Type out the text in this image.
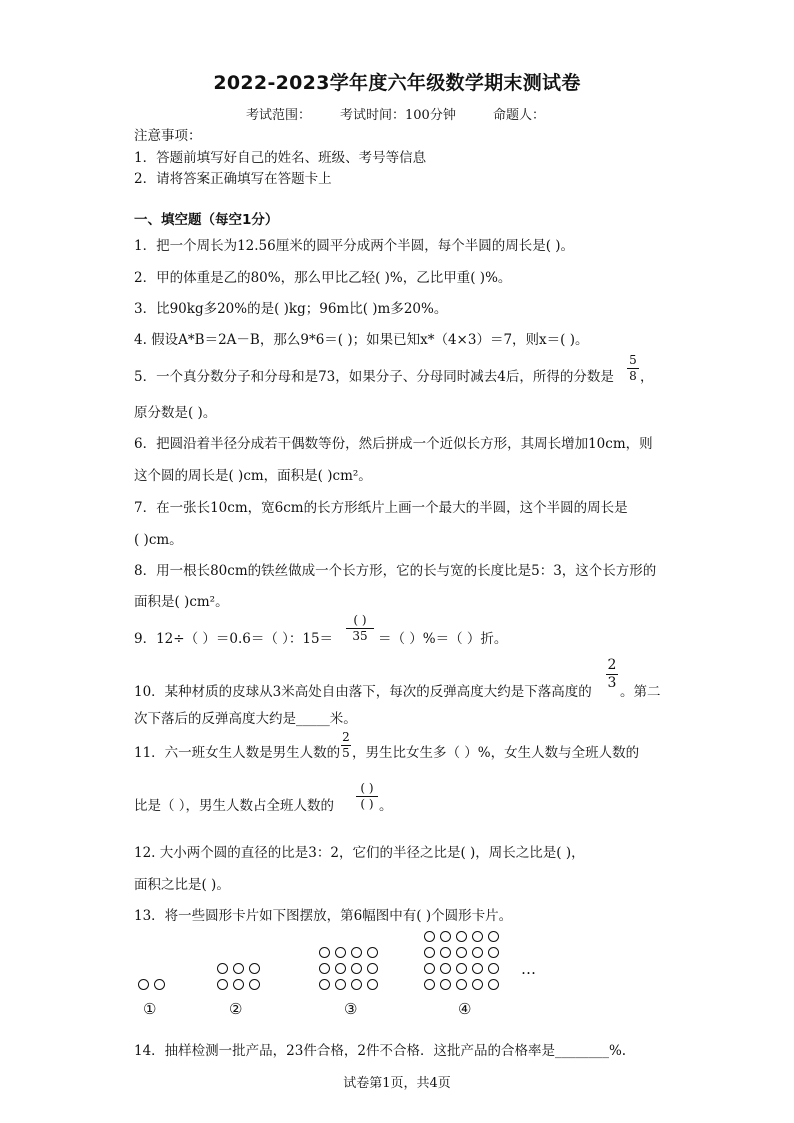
2022-2023学年度六年级数学期末测试卷
考试范围： 考试时间：100分钟	命题人：
注意事项：
1．答题前填写好自己的姓名、班级、考号等信息
2．请将答案正确填写在答题卡上
一、填空题（每空1分）
1．把一个周长为12.56厘米的圆平分成两个半圆，每个半圆的周长是( )。
2．甲的体重是乙的80%，那么甲比乙轻( )%，乙比甲重( )%。
3．比90kg多20%的是( )kg；96m比( )m多20%。
4. 假设A*B＝2A－B，那么9*6＝( )；如果已知x*（4×3）＝7，则x＝( )。
5．一个真分数分子和分母和是73，如果分子、分母同时减去4后，所得的分数是
5
8 ，
原分数是( )。
6．把圆沿着半径分成若干偶数等份，然后拼成一个近似长方形，其周长增加10cm，则
这个圆的周长是( )cm，面积是( )cm²。
7．在一张长10cm，宽6cm的长方形纸片上画一个最大的半圆，这个半圆的周长是
( )cm。
8．用一根长80cm的铁丝做成一个长方形，它的长与宽的长度比是5：3，这个长方形的
面积是( )cm²。
9．12÷（ ）＝0.6＝（ ）：15＝
( )
35 ＝（ ）%＝（ ）折。
10．某种材质的皮球从3米高处自由落下，每次的反弹高度大约是下落高度的
2
3
。第二
次下落后的反弹高度大约是_____米。
11．六一班女生人数是男生人数的
2
5 ，男生比女生多（ ）%，女生人数与全班人数的
比是（ ），男生人数占全班人数的
( )
( ) 。
12. 大小两个圆的直径的比是3：2，它们的半径之比是( )，周长之比是( )，
面积之比是( )。
13．将一些圆形卡片如下图摆放，第6幅图中有( )个圆形卡片。
…
①	②	③	④
14．抽样检测一批产品，23件合格，2件不合格．这批产品的合格率是________%.
试卷第1页，共4页
